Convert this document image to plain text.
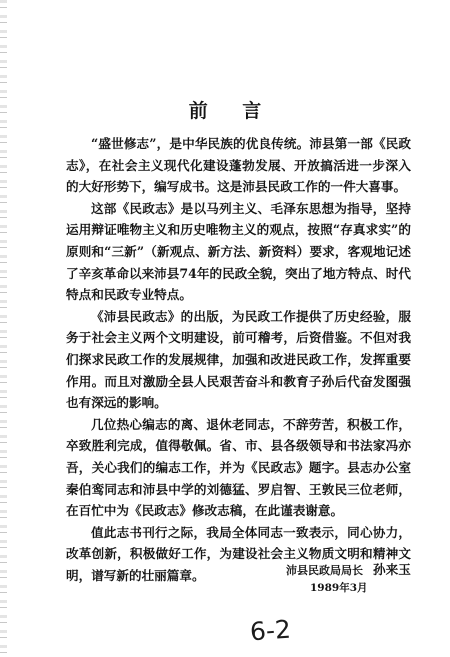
前 言

“盛世修志”，是中华民族的优良传统。沛县第一部《民政志》，在社会主义现代化建设蓬勃发展、开放搞活进一步深入的大好形势下，编写成书。这是沛县民政工作的一件大喜事。

这部《民政志》是以马列主义、毛泽东思想为指导，坚持运用辩证唯物主义和历史唯物主义的观点，按照“存真求实”的原则和“三新”（新观点、新方法、新资料）要求，客观地记述了辛亥革命以来沛县74年的民政全貌，突出了地方特点、时代特点和民政专业特点。

《沛县民政志》的出版，为民政工作提供了历史经验，服务于社会主义两个文明建设，前可稽考，后资借鉴。不但对我们探求民政工作的发展规律，加强和改进民政工作，发挥重要作用。而且对激励全县人民艰苦奋斗和教育子孙后代奋发图强也有深远的影响。

几位热心编志的离、退休老同志，不辞劳苦，积极工作，卒致胜利完成，值得敬佩。省、市、县各级领导和书法家冯亦吾，关心我们的编志工作，并为《民政志》题字。县志办公室秦伯鸾同志和沛县中学的刘德猛、罗启智、王敦民三位老师，在百忙中为《民政志》修改志稿，在此谨表谢意。

值此志书刊行之际，我局全体同志一致表示，同心协力，改革创新，积极做好工作，为建设社会主义物质文明和精神文明，谱写新的壮丽篇章。	沛县民政局局长 孙来玉
1989年3月
6-2
